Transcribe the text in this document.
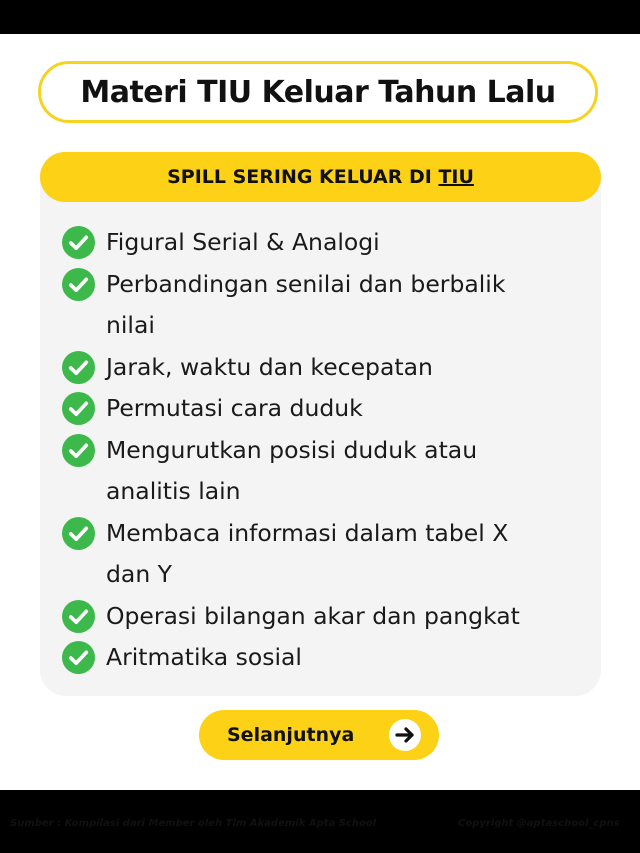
Materi TIU Keluar Tahun Lalu
SPILL SERING KELUAR DI TIU
Figural Serial & Analogi
Perbandingan senilai dan berbalik
nilai
Jarak, waktu dan kecepatan
Permutasi cara duduk
Mengurutkan posisi duduk atau
analitis lain
Membaca informasi dalam tabel X
dan Y
Operasi bilangan akar dan pangkat
Aritmatika sosial
Selanjutnya
Sumber : Kompilasi dari Member oleh Tim Akademik Apta School	Copyright @aptaschool_cpns
